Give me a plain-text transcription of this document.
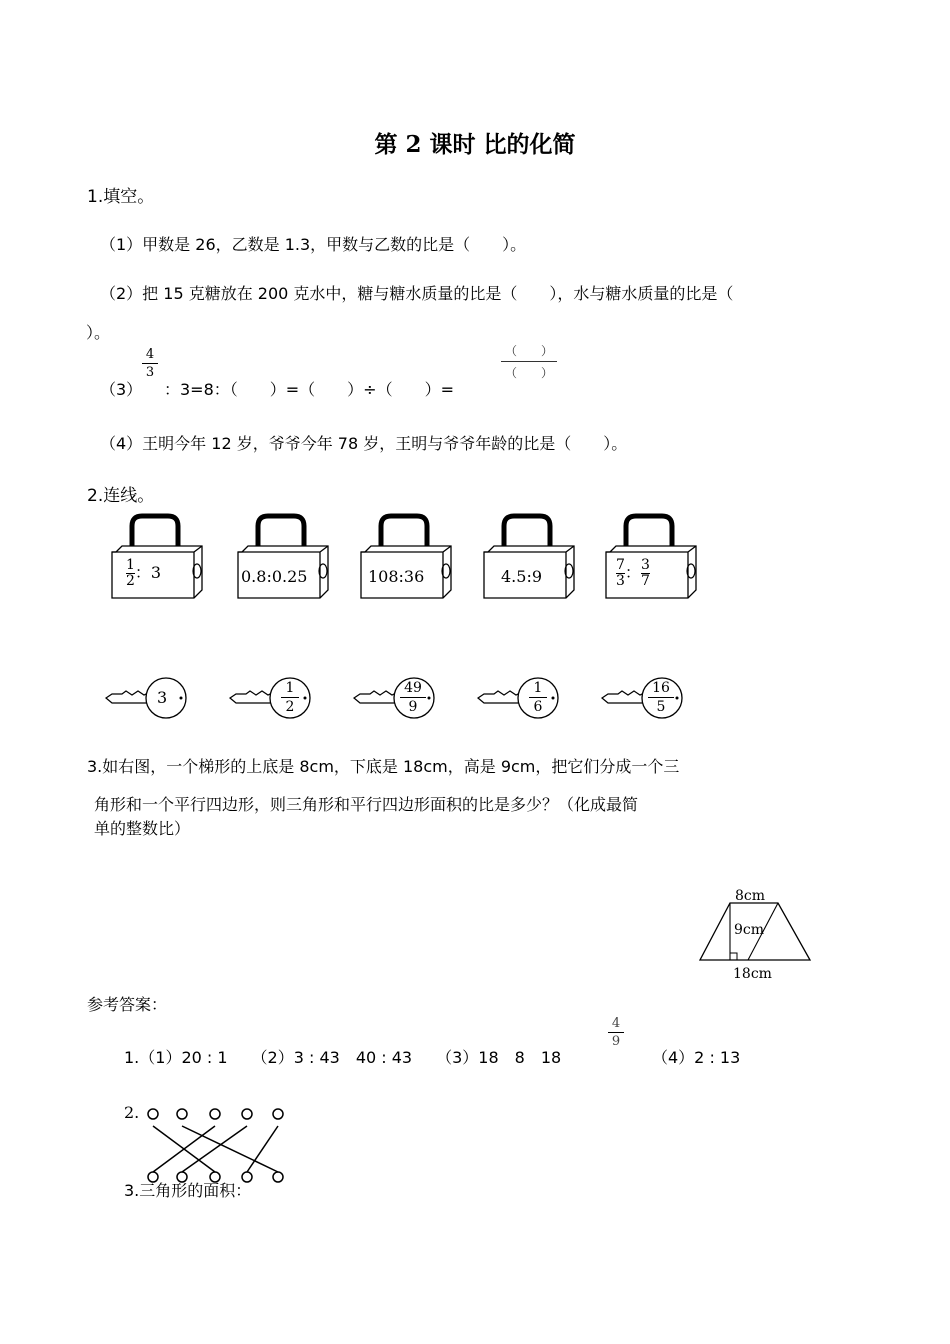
第 2 课时 比的化简
1.填空。
（1）甲数是 26，乙数是 1.3，甲数与乙数的比是（　　）。
（2）把 15 克糖放在 200 克水中，糖与糖水质量的比是（　　），水与糖水质量的比是（
）。
（3）
4
3
：3=8：（　　）=（　　）÷（　　）=
（　　）
（　　）
（4）王明今年 12 岁，爷爷今年 78 岁，王明与爷爷年龄的比是（　　）。
2.连线。
$\frac{1}{2}$：3	0.8:0.25	108:36	4.5:9	$\frac{7}{3}$：$\frac{3}{7}$
3	1
2
49
9
1
6
16
5
3.如右图，一个梯形的上底是 8cm，下底是 18cm，高是 9cm，把它们分成一个三
角形和一个平行四边形，则三角形和平行四边形面积的比是多少？（化成最简
单的整数比）
8cm
9cm
18cm
参考答案：
1.（1）20 : 1　　（2）3 : 43　40 : 43　　（3）18　8　18
4
9
（4）2 : 13
2.
3.三角形的面积：
